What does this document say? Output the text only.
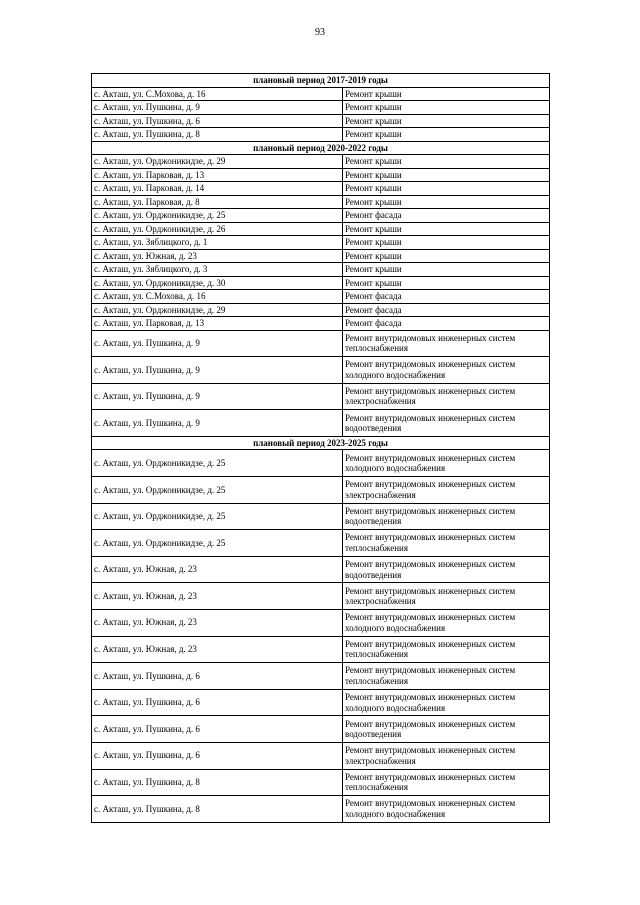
93
плановый период 2017-2019 годы	
с. Акташ, ул. С.Мохова, д. 16	Ремонт крыши
с. Акташ, ул. Пушкина, д. 9	Ремонт крыши
с. Акташ, ул. Пушкина, д. 6	Ремонт крыши
с. Акташ, ул. Пушкина, д. 8	Ремонт крыши
плановый период 2020-2022 годы	
с. Акташ, ул. Орджоникидзе, д. 29	Ремонт крыши
с. Акташ, ул. Парковая, д. 13	Ремонт крыши
с. Акташ, ул. Парковая, д. 14	Ремонт крыши
с. Акташ, ул. Парковая, д. 8	Ремонт крыши
с. Акташ, ул. Орджоникидзе, д. 25	Ремонт фасада
с. Акташ, ул. Орджоникидзе, д. 26	Ремонт крыши
с. Акташ, ул. Зяблицкого, д. 1	Ремонт крыши
с. Акташ, ул. Южная, д. 23	Ремонт крыши
с. Акташ, ул. Зяблицкого, д. 3	Ремонт крыши
с. Акташ, ул. Орджоникидзе, д. 30	Ремонт крыши
с. Акташ, ул. С.Мохова, д. 16	Ремонт фасада
с. Акташ, ул. Орджоникидзе, д. 29	Ремонт фасада
с. Акташ, ул. Парковая, д. 13	Ремонт фасада
с. Акташ, ул. Пушкина, д. 9	Ремонт внутридомовых инженерных систем теплоснабжения
с. Акташ, ул. Пушкина, д. 9	Ремонт внутридомовых инженерных систем холодного водоснабжения
с. Акташ, ул. Пушкина, д. 9	Ремонт внутридомовых инженерных систем электроснабжения
с. Акташ, ул. Пушкина, д. 9	Ремонт внутридомовых инженерных систем водоотведения
плановый период 2023-2025 годы	
с. Акташ, ул. Орджоникидзе, д. 25	Ремонт внутридомовых инженерных систем холодного водоснабжения
с. Акташ, ул. Орджоникидзе, д. 25	Ремонт внутридомовых инженерных систем электроснабжения
с. Акташ, ул. Орджоникидзе, д. 25	Ремонт внутридомовых инженерных систем водоотведения
с. Акташ, ул. Орджоникидзе, д. 25	Ремонт внутридомовых инженерных систем теплоснабжения
с. Акташ, ул. Южная, д. 23	Ремонт внутридомовых инженерных систем водоотведения
с. Акташ, ул. Южная, д. 23	Ремонт внутридомовых инженерных систем электроснабжения
с. Акташ, ул. Южная, д. 23	Ремонт внутридомовых инженерных систем холодного водоснабжения
с. Акташ, ул. Южная, д. 23	Ремонт внутридомовых инженерных систем теплоснабжения
с. Акташ, ул. Пушкина, д. 6	Ремонт внутридомовых инженерных систем теплоснабжения
с. Акташ, ул. Пушкина, д. 6	Ремонт внутридомовых инженерных систем холодного водоснабжения
с. Акташ, ул. Пушкина, д. 6	Ремонт внутридомовых инженерных систем водоотведения
с. Акташ, ул. Пушкина, д. 6	Ремонт внутридомовых инженерных систем электроснабжения
с. Акташ, ул. Пушкина, д. 8	Ремонт внутридомовых инженерных систем теплоснабжения
с. Акташ, ул. Пушкина, д. 8	Ремонт внутридомовых инженерных систем холодного водоснабжения
